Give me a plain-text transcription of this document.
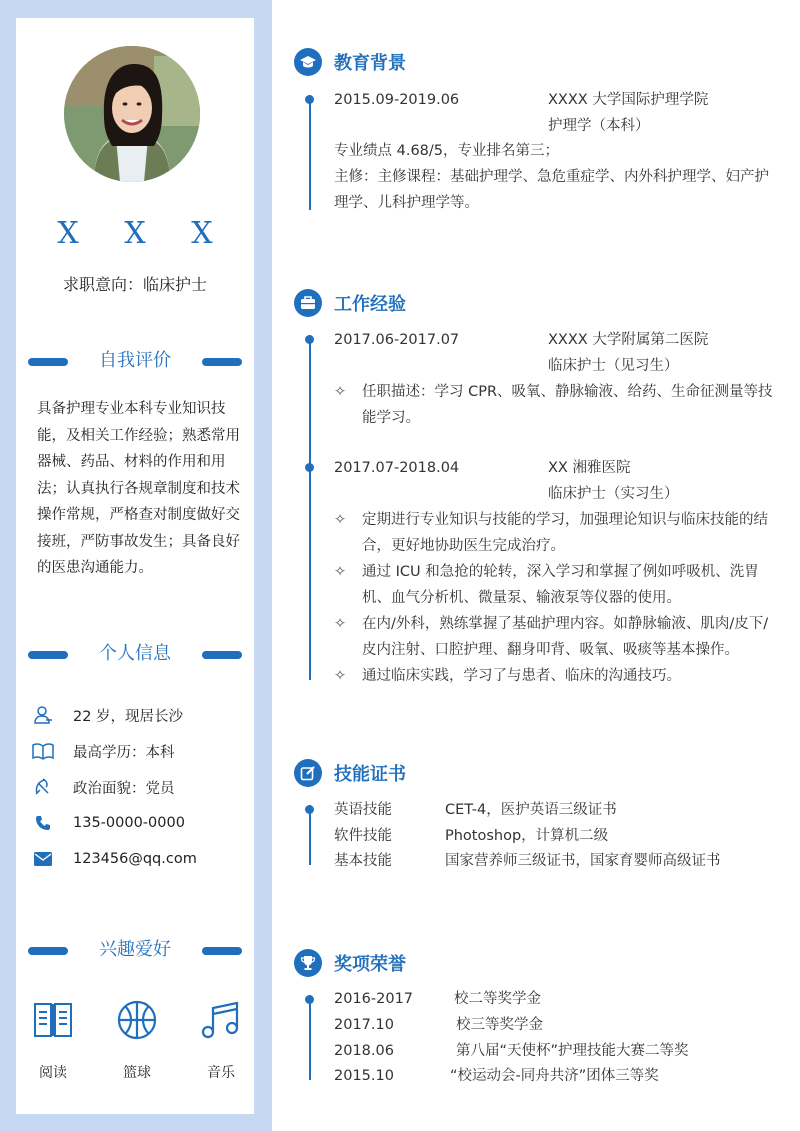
X X X
求职意向：临床护士
自我评价
具备护理专业本科专业知识技能，及相关工作经验；熟悉常用器械、药品、材料的作用和用法；认真执行各规章制度和技术操作常规，严格查对制度做好交接班，严防事故发生；具备良好的医患沟通能力。
个人信息
22 岁，现居长沙
最高学历：本科
政治面貌：党员
135-0000-0000
123456@qq.com
兴趣爱好
阅读	篮球	音乐
教育背景
2015.09-2019.06	XXXX 大学国际护理学院
护理学（本科）
专业绩点 4.68/5，专业排名第三；
主修：主修课程：基础护理学、急危重症学、内外科护理学、妇产护理学、儿科护理学等。
工作经验
2017.06-2017.07	XXXX 大学附属第二医院
临床护士（见习生）
✧ 任职描述：学习 CPR、吸氧、静脉输液、给药、生命征测量等技能学习。
2017.07-2018.04	XX 湘雅医院
临床护士（实习生）
✧ 定期进行专业知识与技能的学习，加强理论知识与临床技能的结合，更好地协助医生完成治疗。
✧ 通过 ICU 和急抢的轮转，深入学习和掌握了例如呼吸机、洗胃机、血气分析机、微量泵、输液泵等仪器的使用。
✧ 在内/外科，熟练掌握了基础护理内容。如静脉输液、肌肉/皮下/皮内注射、口腔护理、翻身叩背、吸氧、吸痰等基本操作。
✧ 通过临床实践，学习了与患者、临床的沟通技巧。
技能证书
英语技能	CET-4，医护英语三级证书
软件技能	Photoshop，计算机二级
基本技能	国家营养师三级证书，国家育婴师高级证书
奖项荣誉
2016-2017	校二等奖学金
2017.10	校三等奖学金
2018.06	第八届“天使杯”护理技能大赛二等奖
2015.10	“校运动会-同舟共济”团体三等奖
